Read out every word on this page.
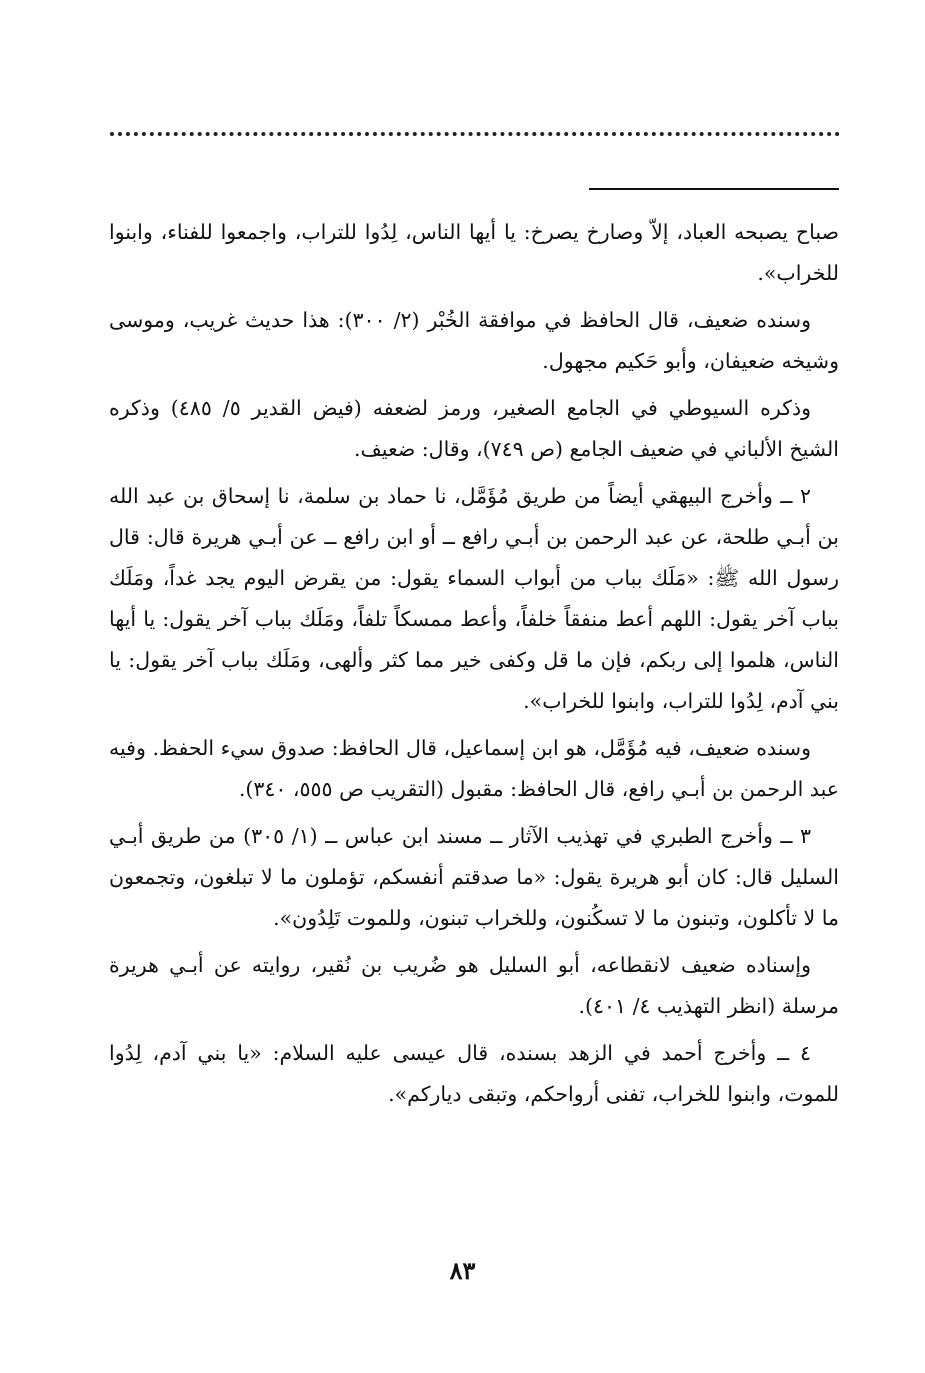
صباح يصبحه العباد، إلاّ وصارخ يصرخ: يا أيها الناس، لِدُوا للتراب، واجمعوا للفناء، وابنوا للخراب».

وسنده ضعيف، قال الحافظ في موافقة الخُبْر (٢/ ٣٠٠): هذا حديث غريب، وموسى وشيخه ضعيفان، وأبو حَكيم مجهول.

وذكره السيوطي في الجامع الصغير، ورمز لضعفه (فيض القدير ٥/ ٤٨٥) وذكره الشيخ الألباني في ضعيف الجامع (ص ٧٤٩)، وقال: ضعيف.

٢ ــ وأخرج البيهقي أيضاً من طريق مُؤَمَّل، نا حماد بن سلمة، نا إسحاق بن عبد الله بن أبـي طلحة، عن عبد الرحمن بن أبـي رافع ــ أو ابن رافع ــ عن أبـي هريرة قال: قال رسول الله ﷺ: «مَلَك بباب من أبواب السماء يقول: من يقرض اليوم يجد غداً، ومَلَك بباب آخر يقول: اللهم أعط منفقاً خلفاً، وأعط ممسكاً تلفاً، ومَلَك بباب آخر يقول: يا أيها الناس، هلموا إلى ربكم، فإن ما قل وكفى خير مما كثر وألهى، ومَلَك بباب آخر يقول: يا بني آدم، لِدُوا للتراب، وابنوا للخراب».

وسنده ضعيف، فيه مُؤَمَّل، هو ابن إسماعيل، قال الحافظ: صدوق سيء الحفظ. وفيه عبد الرحمن بن أبـي رافع، قال الحافظ: مقبول (التقريب ص ٥٥٥، ٣٤٠).

٣ ــ وأخرج الطبري في تهذيب الآثار ــ مسند ابن عباس ــ (١/ ٣٠٥) من طريق أبـي السليل قال: كان أبو هريرة يقول: «ما صدقتم أنفسكم، تؤملون ما لا تبلغون، وتجمعون ما لا تأكلون، وتبنون ما لا تسكُنون، وللخراب تبنون، وللموت تَلِدُون».

وإسناده ضعيف لانقطاعه، أبو السليل هو ضُريب بن نُقير، روايته عن أبـي هريرة مرسلة (انظر التهذيب ٤/ ٤٠١).

٤ ــ وأخرج أحمد في الزهد بسنده، قال عيسى عليه السلام: «يا بني آدم، لِدُوا للموت، وابنوا للخراب، تفنى أرواحكم، وتبقى دياركم».

٨٣
